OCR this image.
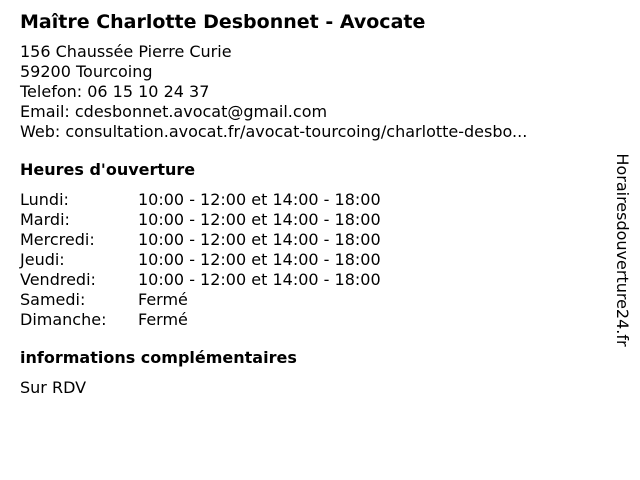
Maître Charlotte Desbonnet - Avocate
156 Chaussée Pierre Curie
59200 Tourcoing
Telefon: 06 15 10 24 37
Email: cdesbonnet.avocat@gmail.com
Web: consultation.avocat.fr/avocat-tourcoing/charlotte-desbo...
Heures d'ouverture
Lundi:	10:00 - 12:00 et 14:00 - 18:00
Mardi:	10:00 - 12:00 et 14:00 - 18:00
Mercredi:	10:00 - 12:00 et 14:00 - 18:00
Jeudi:	10:00 - 12:00 et 14:00 - 18:00
Vendredi:	10:00 - 12:00 et 14:00 - 18:00
Samedi:	Fermé
Dimanche:	Fermé
informations complémentaires
Sur RDV
Horairesdouverture24.fr
